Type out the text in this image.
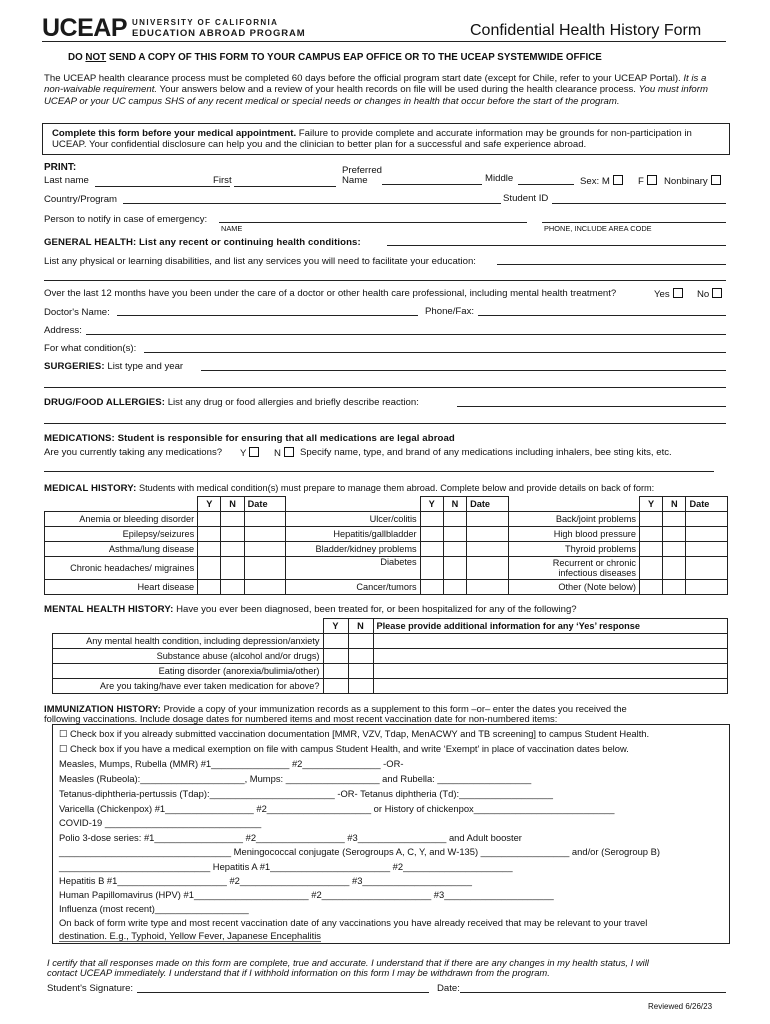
UCEAP UNIVERSITY OF CALIFORNIA
EDUCATION ABROAD PROGRAM	Confidential Health History Form
DO NOT SEND A COPY OF THIS FORM TO YOUR CAMPUS EAP OFFICE OR TO THE UCEAP SYSTEMWIDE OFFICE
The UCEAP health clearance process must be completed 60 days before the official program start date (except for Chile, refer to your UCEAP Portal). It is a non-waivable requirement. Your answers below and a review of your health records on file will be used during the health clearance process. You must inform UCEAP or your UC campus SHS of any recent medical or special needs or changes in health that occur before the start of the program.
Complete this form before your medical appointment. Failure to provide complete and accurate information may be grounds for non-participation in UCEAP. Your confidential disclosure can help you and the clinician to better plan for a successful and safe experience abroad.
PRINT:
Last name	First
Preferred
Name	Middle	Sex: M	F	Nonbinary
Country/Program	Student ID
Person to notify in case of emergency:
NAME	PHONE, INCLUDE AREA CODE
GENERAL HEALTH: List any recent or continuing health conditions:
List any physical or learning disabilities, and list any services you will need to facilitate your education:
Over the last 12 months have you been under the care of a doctor or other health care professional, including mental health treatment?	Yes	No
Doctor's Name:	Phone/Fax:
Address:
For what condition(s):
SURGERIES: List type and year
DRUG/FOOD ALLERGIES: List any drug or food allergies and briefly describe reaction:
MEDICATIONS: Student is responsible for ensuring that all medications are legal abroad
Are you currently taking any medications? Y	N	Specify name, type, and brand of any medications including inhalers, bee sting kits, etc.
MEDICAL HISTORY: Students with medical condition(s) must prepare to manage them abroad. Complete below and provide details on back of form:
	Y	N	Date		Y	N	Date		Y	N	Date
Anemia or bleeding disorder				Ulcer/colitis				Back/joint problems			
Epilepsy/seizures				Hepatitis/gallbladder				High blood pressure			
Asthma/lung disease				Bladder/kidney problems				Thyroid problems			
Chronic headaches/ migraines				Diabetes				Recurrent or chronic infectious diseases			
Heart disease				Cancer/tumors				Other (Note below)			
MENTAL HEALTH HISTORY: Have you ever been diagnosed, been treated for, or been hospitalized for any of the following?
	Y	N	Please provide additional information for any ‘Yes’ response
Any mental health condition, including depression/anxiety			
Substance abuse (alcohol and/or drugs)			
Eating disorder (anorexia/bulimia/other)			
Are you taking/have ever taken medication for above?			
IMMUNIZATION HISTORY: Provide a copy of your immunization records as a supplement to this form –or– enter the dates you received the
following vaccinations. Include dosage dates for numbered items and most recent vaccination date for non-numbered items:
☐ Check box if you already submitted vaccination documentation [MMR, VZV, Tdap, MenACWY and TB screening] to campus Student Health.
☐ Check box if you have a medical exemption on file with campus Student Health, and write ‘Exempt’ in place of vaccination dates below.
Measles, Mumps, Rubella (MMR) #1_______________ #2_______________ -OR-
Measles (Rubeola):____________________, Mumps: __________________ and Rubella: __________________
Tetanus-diphtheria-pertussis (Tdap):________________________ -OR- Tetanus diphtheria (Td):__________________
Varicella (Chickenpox) #1_________________ #2____________________ or History of chickenpox___________________________
COVID-19 ______________________________
Polio 3-dose series: #1_________________ #2_________________ #3_________________ and Adult booster
_________________________________ Meningococcal conjugate (Serogroups A, C, Y, and W-135) _________________ and/or (Serogroup B)
_____________________________ Hepatitis A #1_______________________ #2_____________________
Hepatitis B #1_____________________ #2_____________________ #3_____________________
Human Papillomavirus (HPV) #1______________________ #2_____________________ #3_____________________
Influenza (most recent)__________________
On back of form write type and most recent vaccination date of any vaccinations you have already received that may be relevant to your travel
destination. E.g., Typhoid, Yellow Fever, Japanese Encephalitis
I certify that all responses made on this form are complete, true and accurate. I understand that if there are any changes in my health status, I will
contact UCEAP immediately. I understand that if I withhold information on this form I may be withdrawn from the program.
Student's Signature:	Date:
Reviewed 6/26/23
